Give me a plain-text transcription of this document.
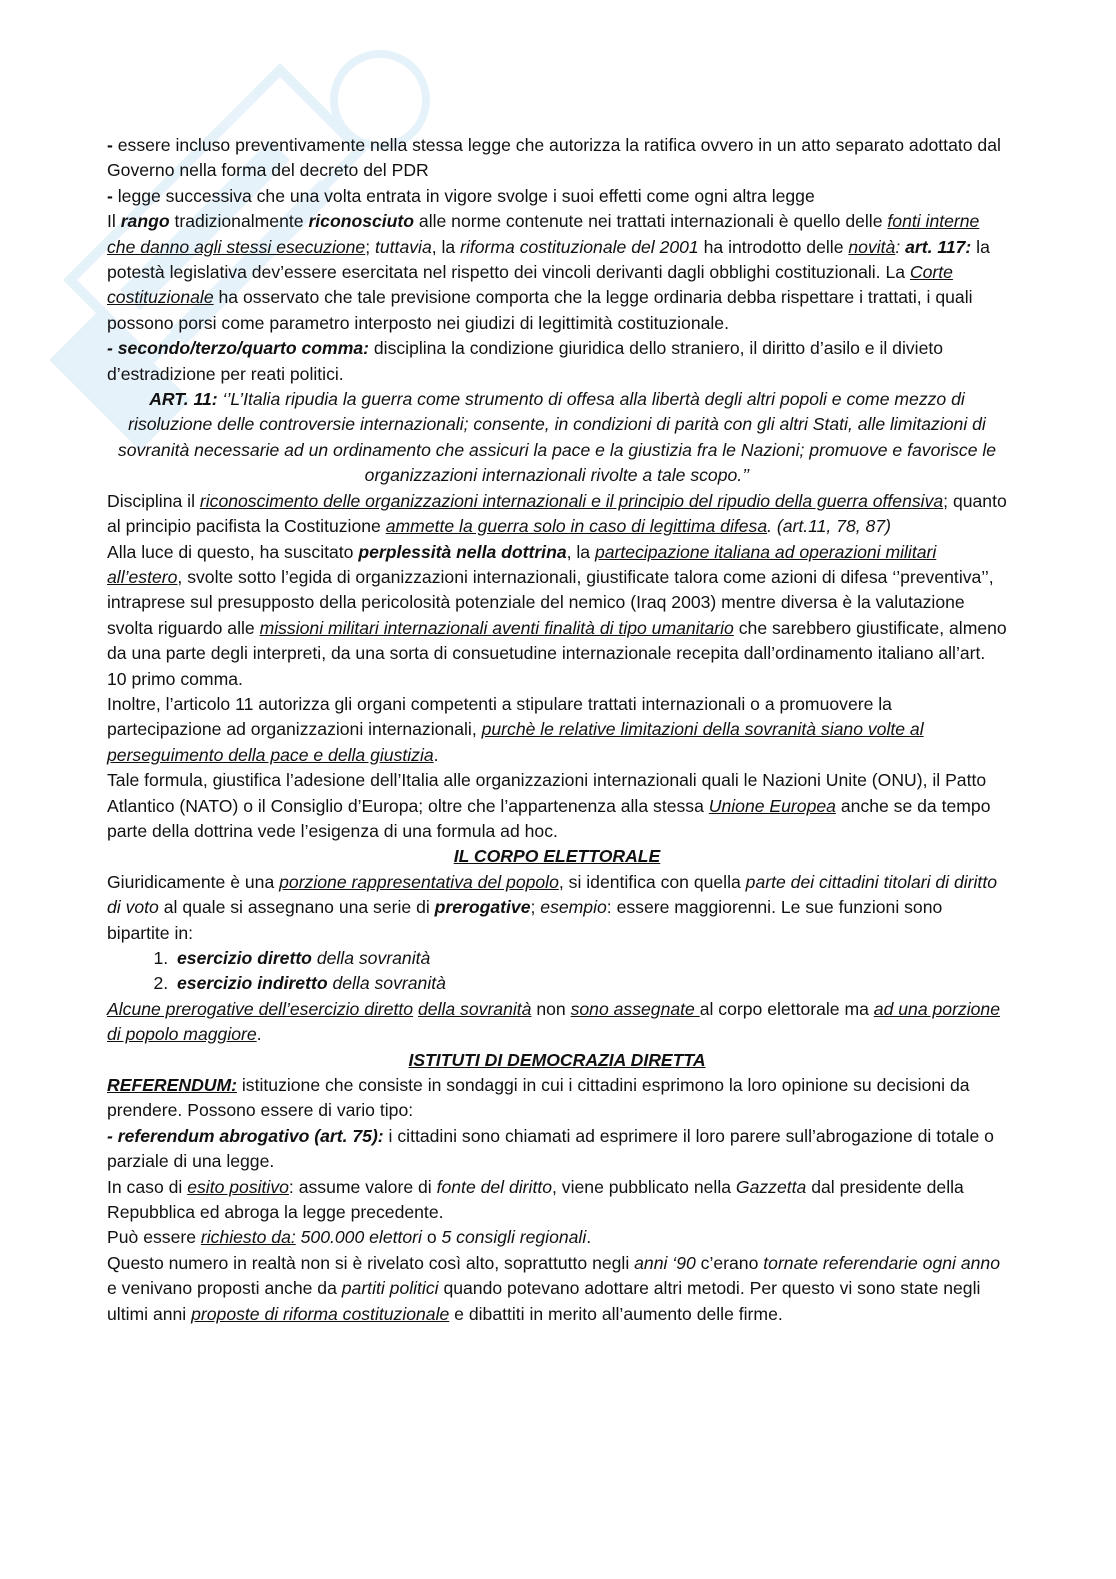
- essere incluso preventivamente nella stessa legge che autorizza la ratifica ovvero in un atto separato adottato dal Governo nella forma del decreto del PDR

- legge successiva che una volta entrata in vigore svolge i suoi effetti come ogni altra legge

Il rango tradizionalmente riconosciuto alle norme contenute nei trattati internazionali è quello delle fonti interne che danno agli stessi esecuzione; tuttavia, la riforma costituzionale del 2001 ha introdotto delle novità: art. 117: la potestà legislativa dev’essere esercitata nel rispetto dei vincoli derivanti dagli obblighi costituzionali. La Corte costituzionale ha osservato che tale previsione comporta che la legge ordinaria debba rispettare i trattati, i quali possono porsi come parametro interposto nei giudizi di legittimità costituzionale.

- secondo/terzo/quarto comma: disciplina la condizione giuridica dello straniero, il diritto d’asilo e il divieto d’estradizione per reati politici.

ART. 11: ‘’L’Italia ripudia la guerra come strumento di offesa alla libertà degli altri popoli e come mezzo di risoluzione delle controversie internazionali; consente, in condizioni di parità con gli altri Stati, alle limitazioni di sovranità necessarie ad un ordinamento che assicuri la pace e la giustizia fra le Nazioni; promuove e favorisce le organizzazioni internazionali rivolte a tale scopo.’’

Disciplina il riconoscimento delle organizzazioni internazionali e il principio del ripudio della guerra offensiva; quanto al principio pacifista la Costituzione ammette la guerra solo in caso di legittima difesa. (art.11, 78, 87)

Alla luce di questo, ha suscitato perplessità nella dottrina, la partecipazione italiana ad operazioni militari all’estero, svolte sotto l’egida di organizzazioni internazionali, giustificate talora come azioni di difesa ‘’preventiva’’, intraprese sul presupposto della pericolosità potenziale del nemico (Iraq 2003) mentre diversa è la valutazione svolta riguardo alle missioni militari internazionali aventi finalità di tipo umanitario che sarebbero giustificate, almeno da una parte degli interpreti, da una sorta di consuetudine internazionale recepita dall’ordinamento italiano all’art. 10 primo comma.

Inoltre, l’articolo 11 autorizza gli organi competenti a stipulare trattati internazionali o a promuovere la partecipazione ad organizzazioni internazionali, purchè le relative limitazioni della sovranità siano volte al perseguimento della pace e della giustizia.

Tale formula, giustifica l’adesione dell’Italia alle organizzazioni internazionali quali le Nazioni Unite (ONU), il Patto Atlantico (NATO) o il Consiglio d’Europa; oltre che l’appartenenza alla stessa Unione Europea anche se da tempo parte della dottrina vede l’esigenza di una formula ad hoc.

IL CORPO ELETTORALE

Giuridicamente è una porzione rappresentativa del popolo, si identifica con quella parte dei cittadini titolari di diritto di voto al quale si assegnano una serie di prerogative; esempio: essere maggiorenni. Le sue funzioni sono bipartite in:

1. esercizio diretto della sovranità
2. esercizio indiretto della sovranità

Alcune prerogative dell’esercizio diretto della sovranità non sono assegnate al corpo elettorale ma ad una porzione di popolo maggiore.

ISTITUTI DI DEMOCRAZIA DIRETTA

REFERENDUM: istituzione che consiste in sondaggi in cui i cittadini esprimono la loro opinione su decisioni da prendere. Possono essere di vario tipo:

- referendum abrogativo (art. 75): i cittadini sono chiamati ad esprimere il loro parere sull’abrogazione di totale o parziale di una legge.

In caso di esito positivo: assume valore di fonte del diritto, viene pubblicato nella Gazzetta dal presidente della Repubblica ed abroga la legge precedente.

Può essere richiesto da: 500.000 elettori o 5 consigli regionali.

Questo numero in realtà non si è rivelato così alto, soprattutto negli anni ‘90 c’erano tornate referendarie ogni anno e venivano proposti anche da partiti politici quando potevano adottare altri metodi. Per questo vi sono state negli ultimi anni proposte di riforma costituzionale e dibattiti in merito all’aumento delle firme.
